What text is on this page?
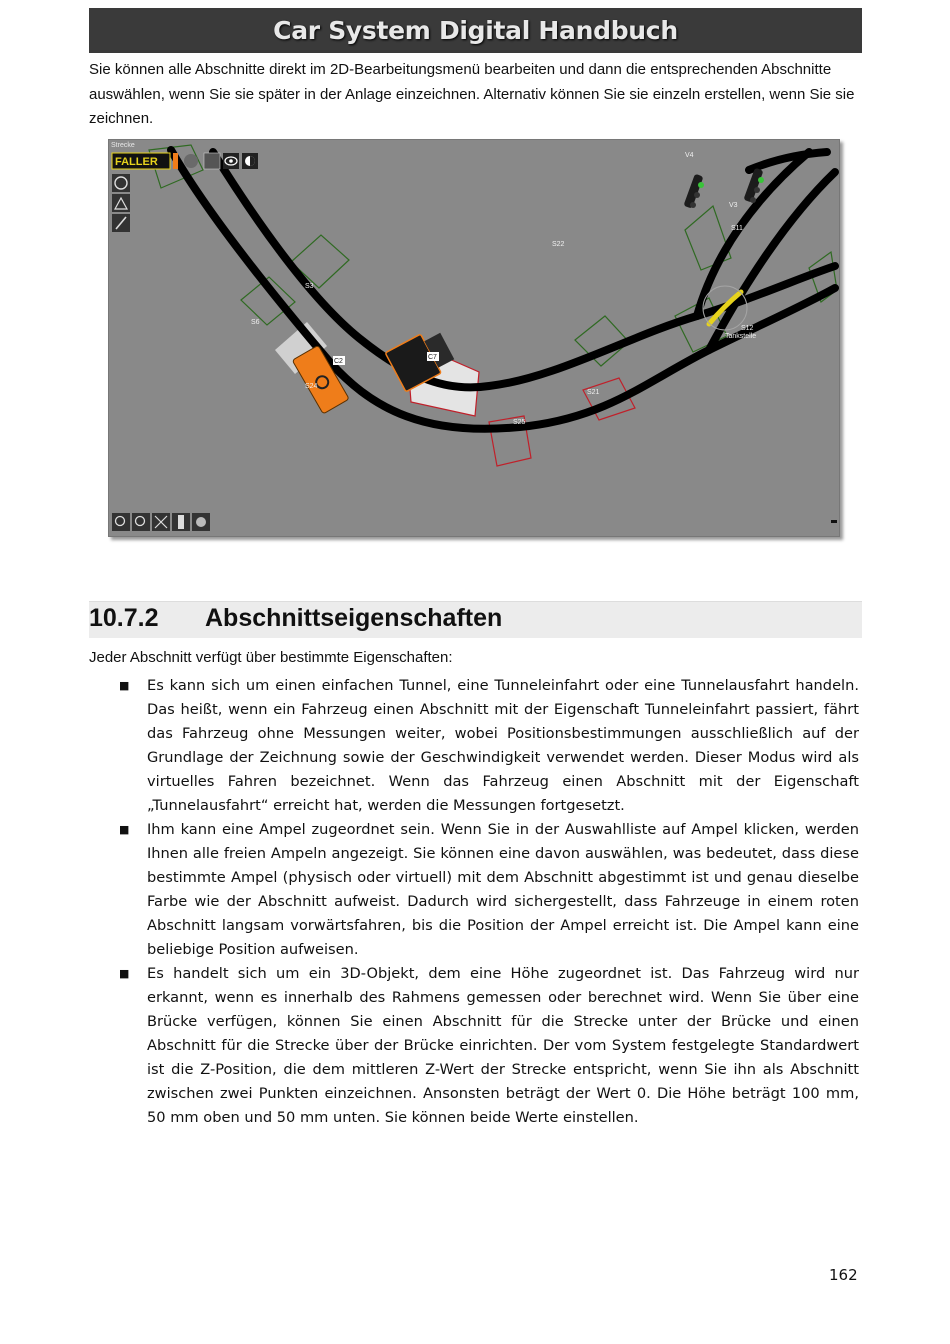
Car System Digital Handbuch
Sie können alle Abschnitte direkt im 2D-Bearbeitungsmenü bearbeiten und dann die entsprechenden Abschnitte auswählen, wenn Sie sie später in der Anlage einzeichnen. Alternativ können Sie sie einzeln erstellen, wenn Sie sie zeichnen.
Strecke
C2
C7
S3
S6
S22
S24
S21
S25
S11
S12
V3
V4
Tankstelle
FALLER
10.7.2 Abschnittseigenschaften
Jeder Abschnitt verfügt über bestimmte Eigenschaften:
■ Es kann sich um einen einfachen Tunnel, eine Tunneleinfahrt oder eine Tunnelausfahrt handeln. Das heißt, wenn ein Fahrzeug einen Abschnitt mit der Eigenschaft Tunneleinfahrt passiert, fährt das Fahrzeug ohne Messungen weiter, wobei Positionsbestimmungen ausschließlich auf der Grundlage der Zeichnung sowie der Geschwindigkeit verwendet werden. Dieser Modus wird als virtuelles Fahren bezeichnet. Wenn das Fahrzeug einen Abschnitt mit der Eigenschaft „Tunnelausfahrt“ erreicht hat, werden die Messungen fortgesetzt.
■ Ihm kann eine Ampel zugeordnet sein. Wenn Sie in der Auswahlliste auf Ampel klicken, werden Ihnen alle freien Ampeln angezeigt. Sie können eine davon auswählen, was bedeutet, dass diese bestimmte Ampel (physisch oder virtuell) mit dem Abschnitt abgestimmt ist und genau dieselbe Farbe wie der Abschnitt aufweist. Dadurch wird sichergestellt, dass Fahrzeuge in einem roten Abschnitt langsam vorwärtsfahren, bis die Position der Ampel erreicht ist. Die Ampel kann eine beliebige Position aufweisen.
■ Es handelt sich um ein 3D-Objekt, dem eine Höhe zugeordnet ist. Das Fahrzeug wird nur erkannt, wenn es innerhalb des Rahmens gemessen oder berechnet wird. Wenn Sie über eine Brücke verfügen, können Sie einen Abschnitt für die Strecke unter der Brücke und einen Abschnitt für die Strecke über der Brücke einrichten. Der vom System festgelegte Standardwert ist die Z-Position, die dem mittleren Z-Wert der Strecke entspricht, wenn Sie ihn als Abschnitt zwischen zwei Punkten einzeichnen. Ansonsten beträgt der Wert 0. Die Höhe beträgt 100 mm, 50 mm oben und 50 mm unten. Sie können beide Werte einstellen.
162
